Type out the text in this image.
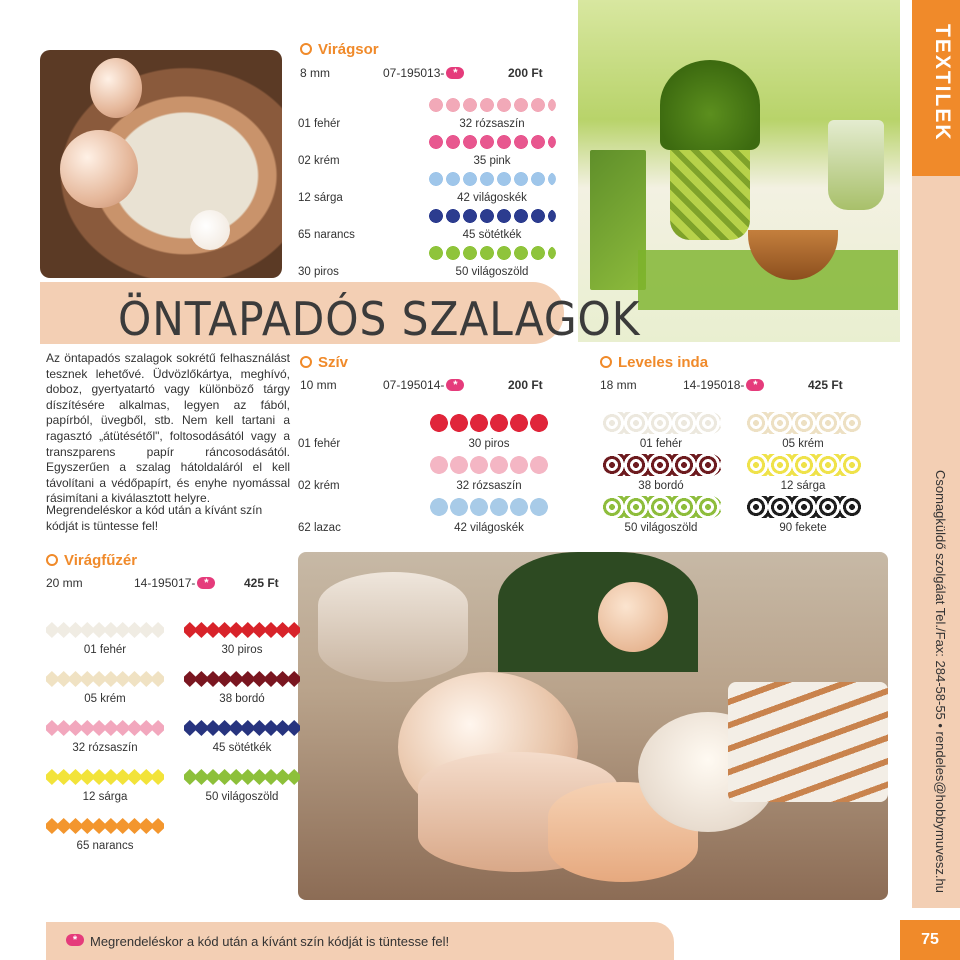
ÖNTAPADÓS SZALAGOK
TEXTILEK
Csomagküldő szolgálat Tel./Fax: 284-58-55 • rendeles@hobbymuvesz.hu

Az öntapadós szalagok sokrétű felhasználást tesznek lehetővé. Üdvözlőkártya, meghívó, doboz, gyertyatartó vagy különböző tárgy díszítésére alkalmas, legyen az fából, papírból, üvegből, stb. Nem kell tartani a ragasztó „átütésétől", foltosodásától vagy a transzparens papír ráncosodásától. Egyszerűen a szalag hátoldaláról el kell távolítani a védőpapírt, és enyhe nyomással rásimítani a kiválasztott helyre.

Megrendeléskor a kód után a kívánt szín kódját is tüntesse fel!

Virágsor
8 mm	07-195013- *	200 Ft
01 fehér	32 rózsaszín
02 krém	35 pink
12 sárga	42 világoskék
65 narancs	45 sötétkék
30 piros	50 világoszöld
Szív
10 mm	07-195014- *	200 Ft
01 fehér	30 piros
02 krém	32 rózsaszín
62 lazac	42 világoskék
Leveles inda
18 mm	14-195018- *	425 Ft
01 fehér	05 krém
38 bordó	12 sárga
50 világoszöld	90 fekete
Virágfűzér
20 mm	14-195017- *	425 Ft
01 fehér	30 piros
05 krém	38 bordó
32 rózsaszín	45 sötétkék
12 sárga	50 világoszöld
65 narancs
* Megrendeléskor a kód után a kívánt szín kódját is tüntesse fel!	75
